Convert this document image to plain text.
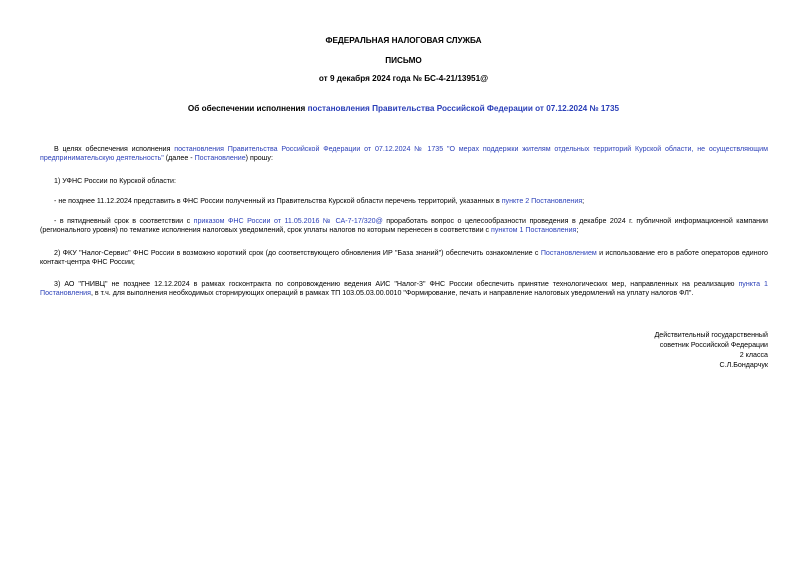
ФЕДЕРАЛЬНАЯ НАЛОГОВАЯ СЛУЖБА
ПИСЬМО
от 9 декабря 2024 года № БС-4-21/13951@
Об обеспечении исполнения постановления Правительства Российской Федерации от 07.12.2024 № 1735
В целях обеспечения исполнения постановления Правительства Российской Федерации от 07.12.2024 № 1735 "О мерах поддержки жителям отдельных территорий Курской области, не осуществляющим предпринимательскую деятельность" (далее - Постановление) прошу:
1) УФНС России по Курской области:
- не позднее 11.12.2024 представить в ФНС России полученный из Правительства Курской области перечень территорий, указанных в пункте 2 Постановления;
- в пятидневный срок в соответствии с приказом ФНС России от 11.05.2016 № СА-7-17/320@ проработать вопрос о целесообразности проведения в декабре 2024 г. публичной информационной кампании (регионального уровня) по тематике исполнения налоговых уведомлений, срок уплаты налогов по которым перенесен в соответствии с пунктом 1 Постановления;
2) ФКУ "Налог-Сервис" ФНС России в возможно короткий срок (до соответствующего обновления ИР "База знаний") обеспечить ознакомление с Постановлением и использование его в работе операторов единого контакт-центра ФНС России;
3) АО "ГНИВЦ" не позднее 12.12.2024 в рамках госконтракта по сопровождению ведения АИС "Налог-3" ФНС России обеспечить принятие технологических мер, направленных на реализацию пункта 1 Постановления, в т.ч. для выполнения необходимых сторнирующих операций в рамках ТП 103.05.03.00.0010 "Формирование, печать и направление налоговых уведомлений на уплату налогов ФЛ".
Действительный государственный
советник Российской Федерации
2 класса
С.Л.Бондарчук
